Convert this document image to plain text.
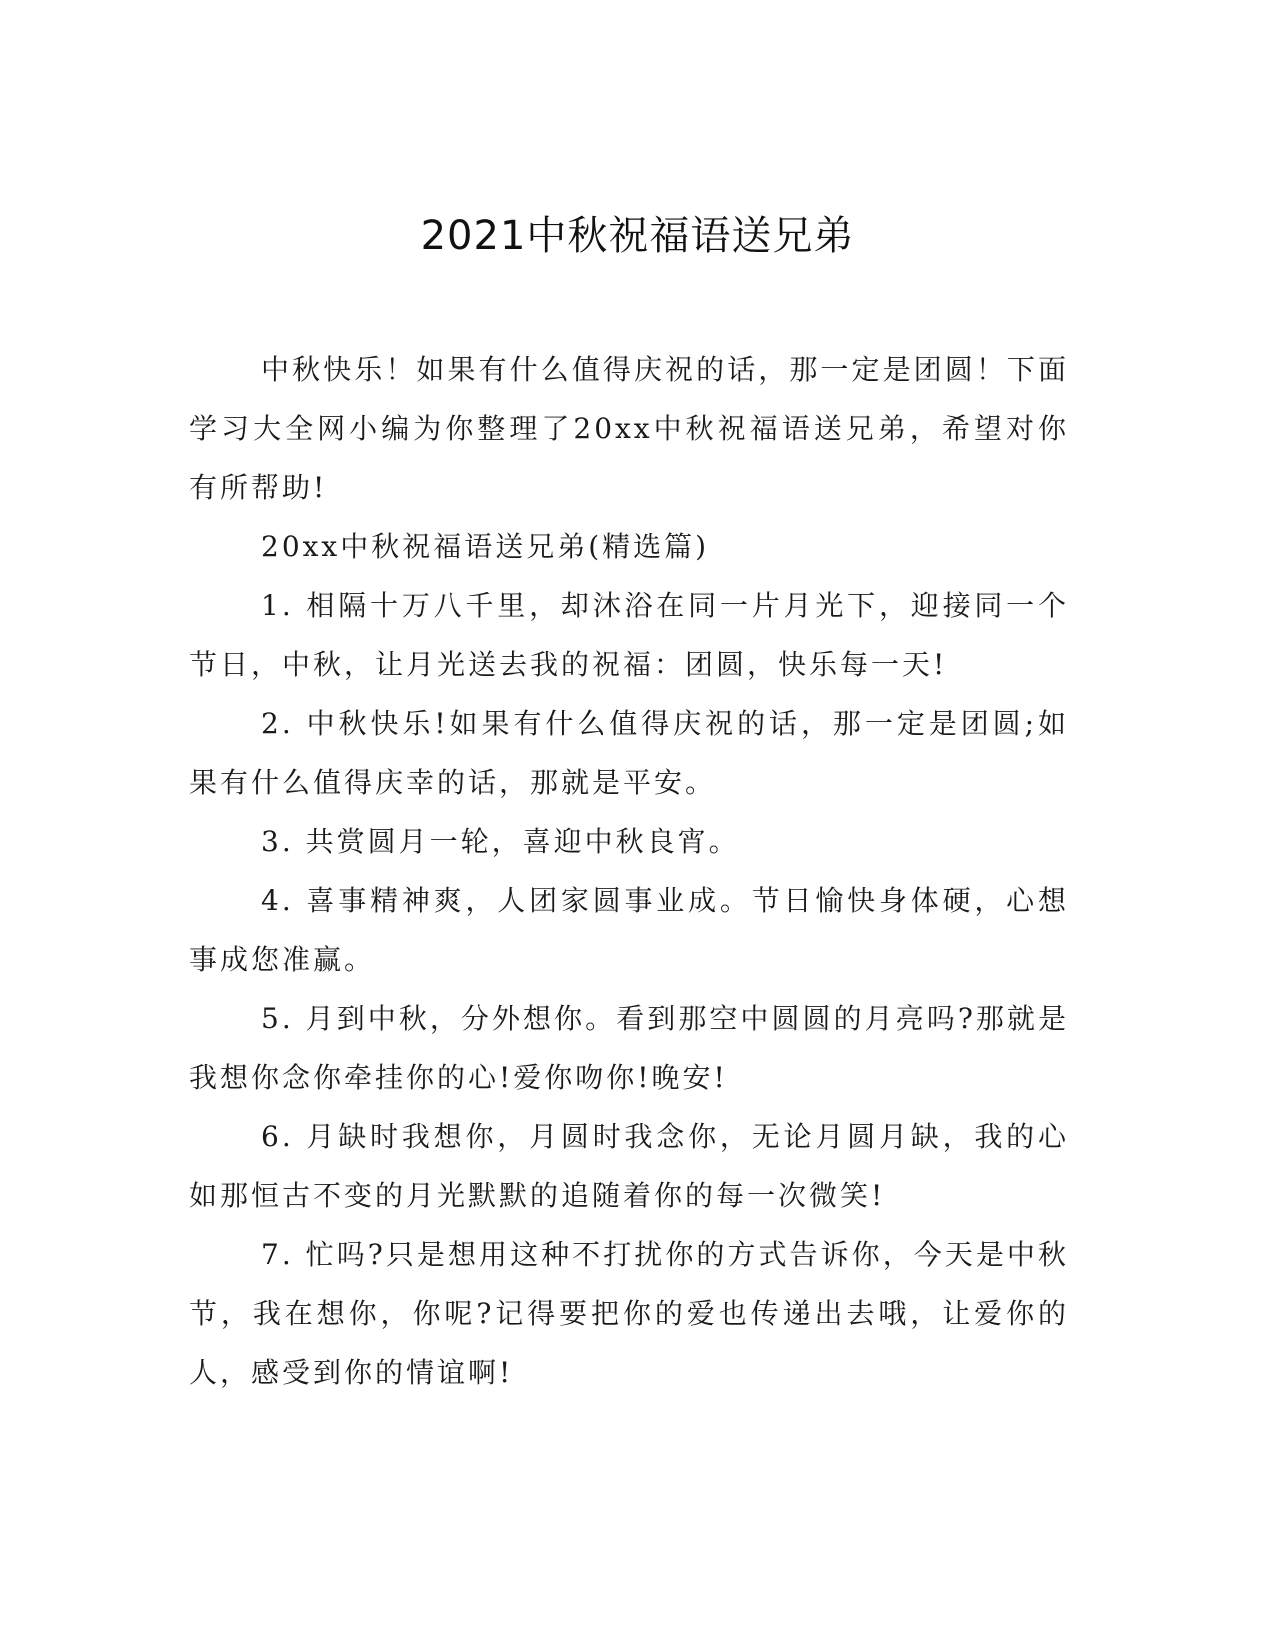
2021中秋祝福语送兄弟

中秋快乐！如果有什么值得庆祝的话，那一定是团圆！下面学习大全网小编为你整理了20xx中秋祝福语送兄弟，希望对你有所帮助!

20xx中秋祝福语送兄弟(精选篇)

1. 相隔十万八千里，却沐浴在同一片月光下，迎接同一个节日，中秋，让月光送去我的祝福：团圆，快乐每一天!

2. 中秋快乐!如果有什么值得庆祝的话，那一定是团圆;如果有什么值得庆幸的话，那就是平安。

3. 共赏圆月一轮，喜迎中秋良宵。

4. 喜事精神爽，人团家圆事业成。节日愉快身体硬，心想事成您准赢。

5. 月到中秋，分外想你。看到那空中圆圆的月亮吗?那就是我想你念你牵挂你的心!爱你吻你!晚安!

6. 月缺时我想你，月圆时我念你，无论月圆月缺，我的心如那恒古不变的月光默默的追随着你的每一次微笑!

7. 忙吗?只是想用这种不打扰你的方式告诉你，今天是中秋节，我在想你，你呢?记得要把你的爱也传递出去哦，让爱你的人，感受到你的情谊啊!
